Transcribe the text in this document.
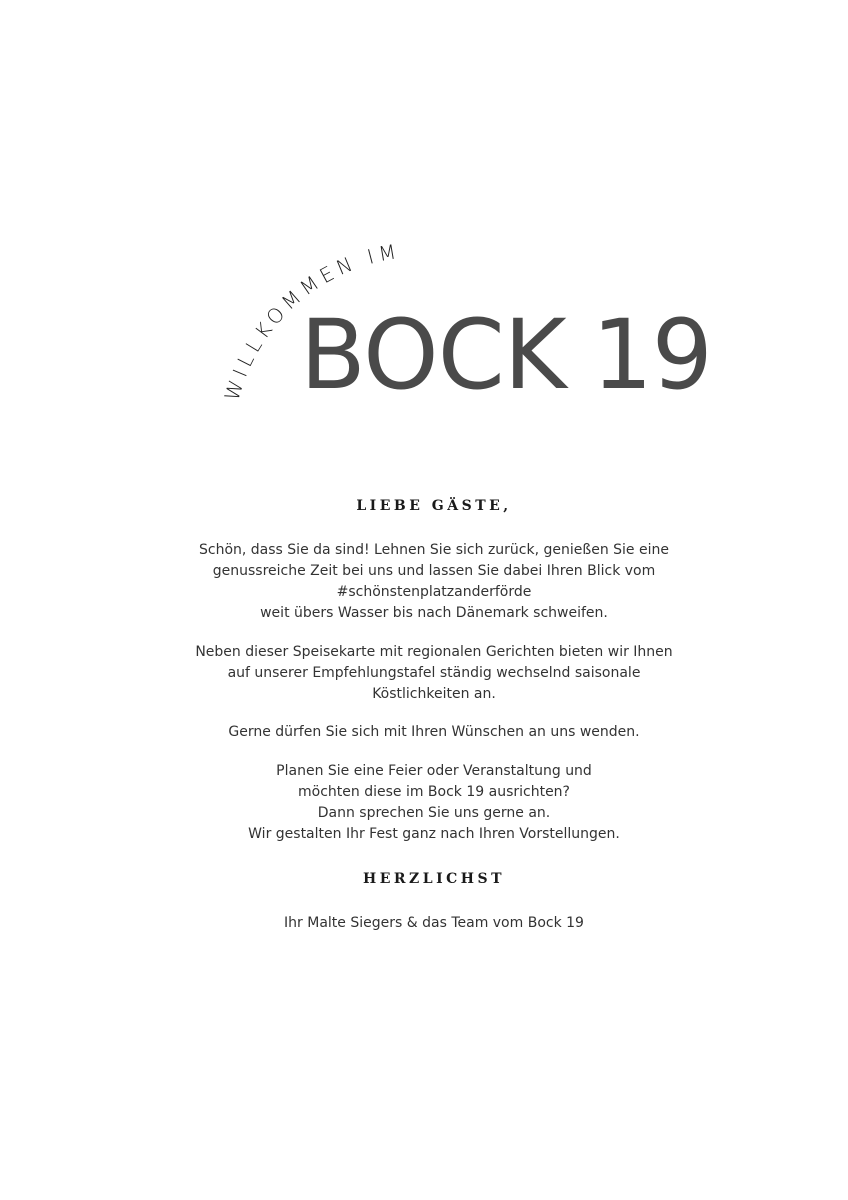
WILLKOMMEN IM
BOCK 19
LIEBE GÄSTE,

Schön, dass Sie da sind! Lehnen Sie sich zurück, genießen Sie eine
genussreiche Zeit bei uns und lassen Sie dabei Ihren Blick vom
#schönstenplatzanderförde
weit übers Wasser bis nach Dänemark schweifen.

Neben dieser Speisekarte mit regionalen Gerichten bieten wir Ihnen
auf unserer Empfehlungstafel ständig wechselnd saisonale
Köstlichkeiten an.

Gerne dürfen Sie sich mit Ihren Wünschen an uns wenden.

Planen Sie eine Feier oder Veranstaltung und
möchten diese im Bock 19 ausrichten?
Dann sprechen Sie uns gerne an.
Wir gestalten Ihr Fest ganz nach Ihren Vorstellungen.

HERZLICHST

Ihr Malte Siegers & das Team vom Bock 19
